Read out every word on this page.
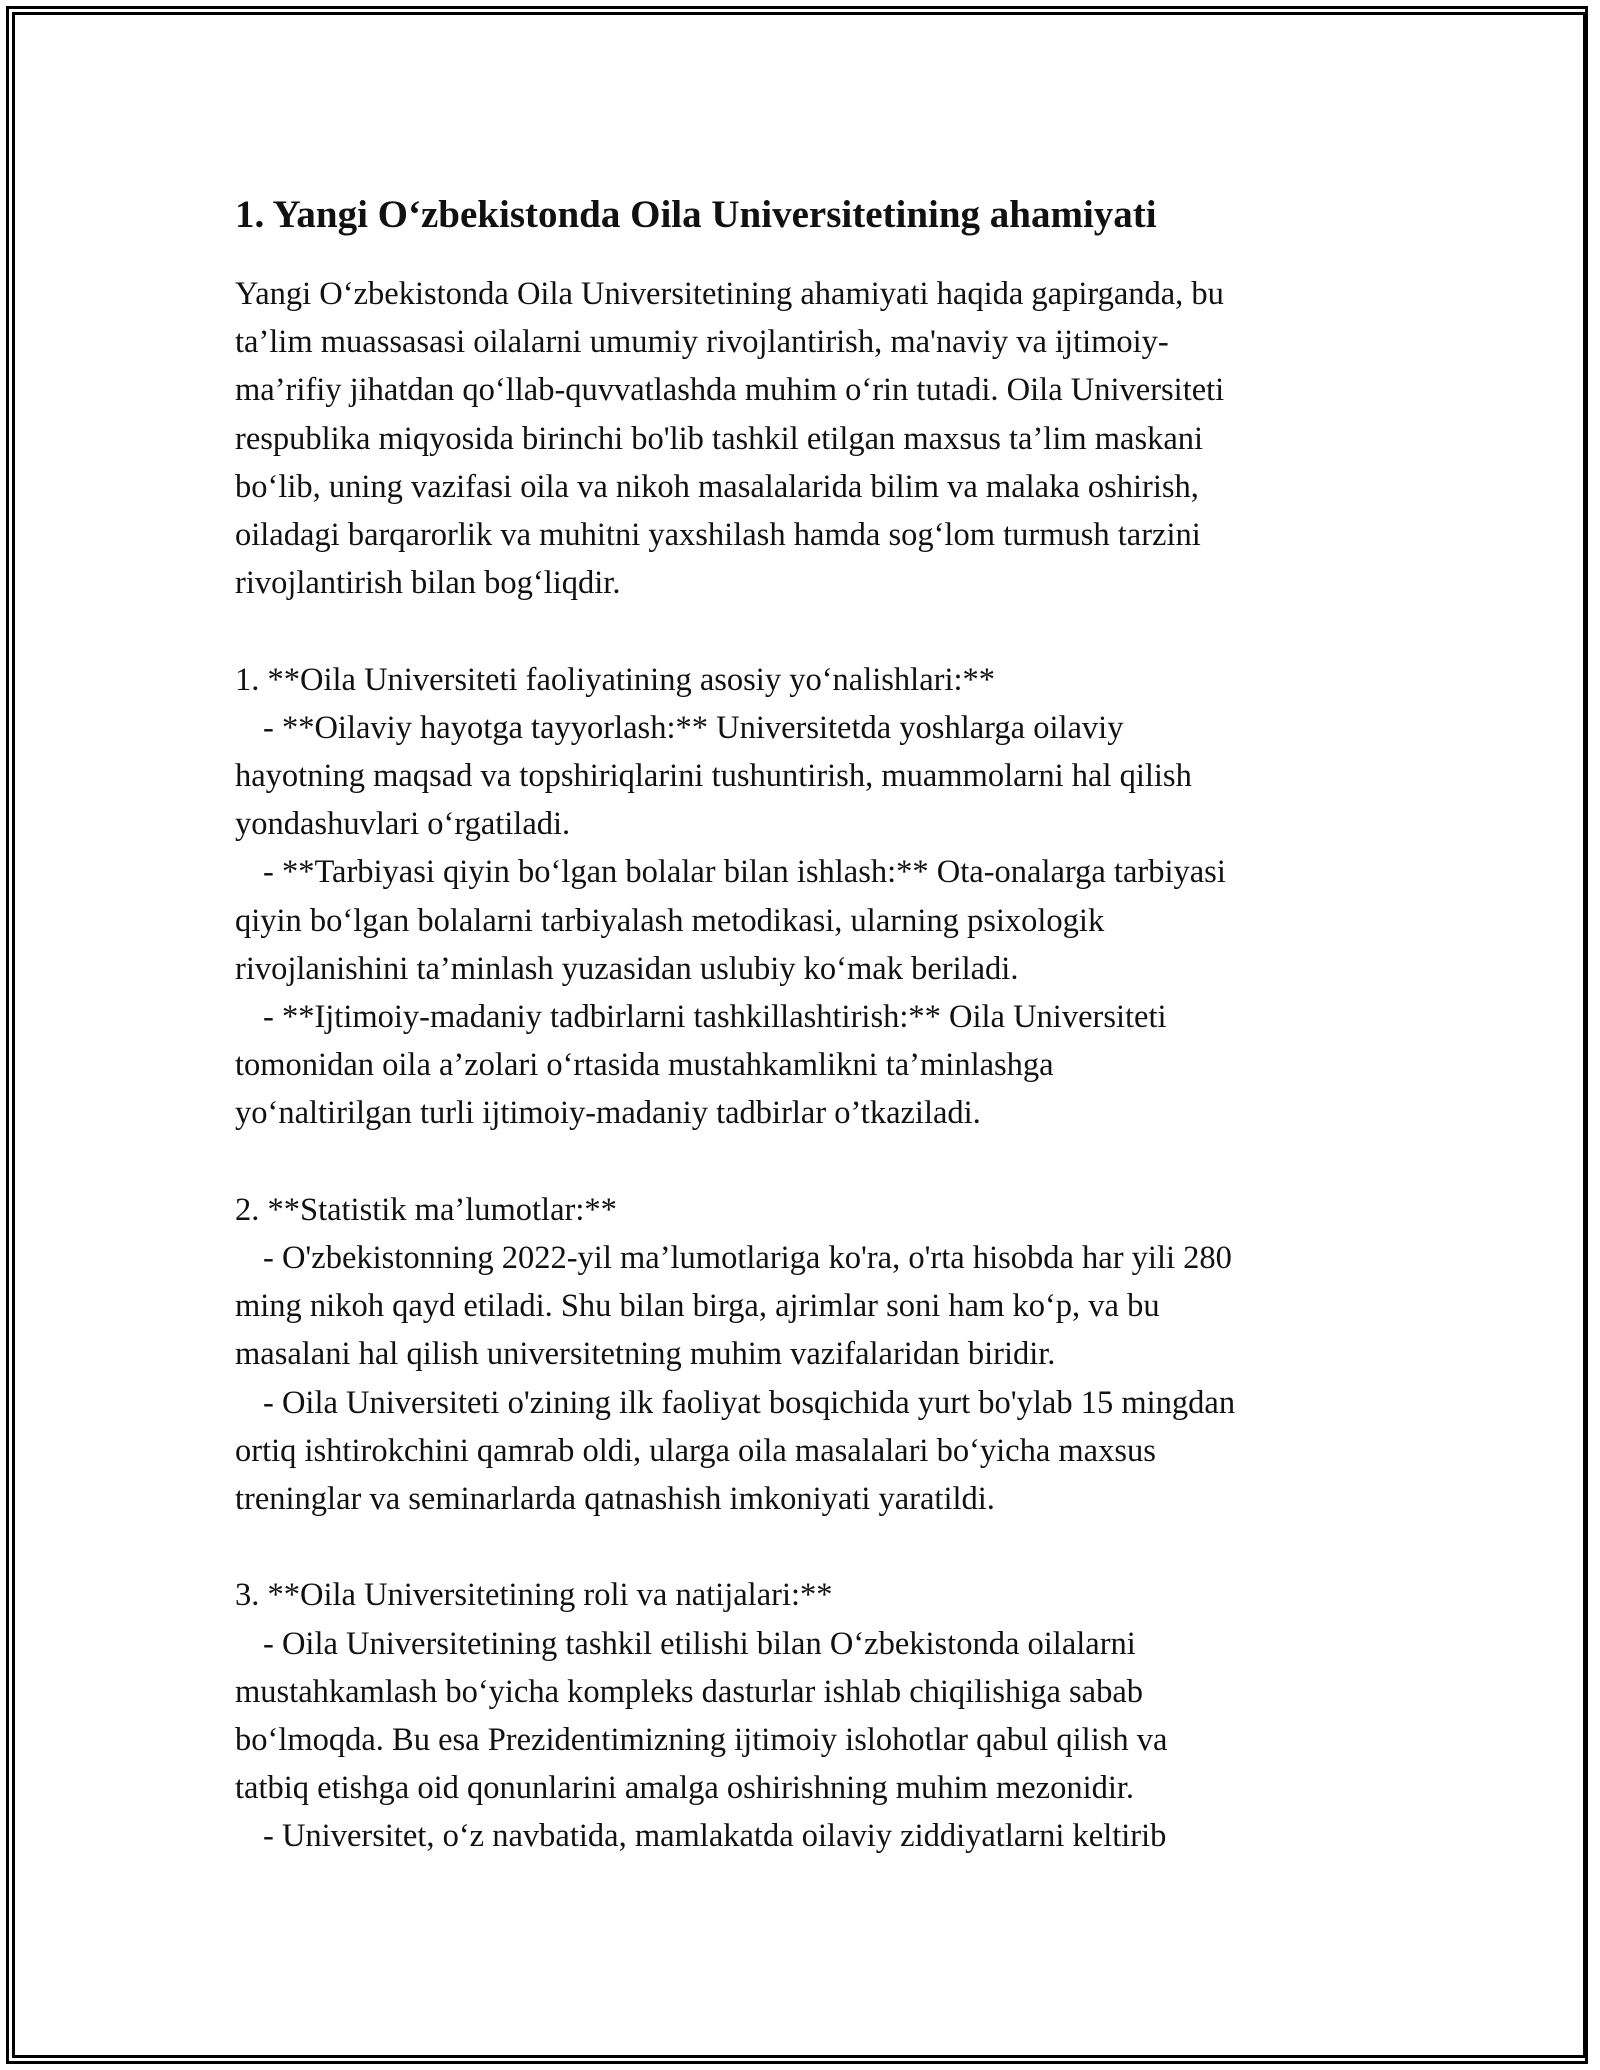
1. Yangi O‘zbekistonda Oila Universitetining ahamiyati
Yangi O‘zbekistonda Oila Universitetining ahamiyati haqida gapirganda, bu
ta’lim muassasasi oilalarni umumiy rivojlantirish, ma'naviy va ijtimoiy-
ma’rifiy jihatdan qo‘llab-quvvatlashda muhim o‘rin tutadi. Oila Universiteti
respublika miqyosida birinchi bo'lib tashkil etilgan maxsus ta’lim maskani
bo‘lib, uning vazifasi oila va nikoh masalalarida bilim va malaka oshirish,
oiladagi barqarorlik va muhitni yaxshilash hamda sog‘lom turmush tarzini
rivojlantirish bilan bog‘liqdir.
1. **Oila Universiteti faoliyatining asosiy yo‘nalishlari:**
- **Oilaviy hayotga tayyorlash:** Universitetda yoshlarga oilaviy
hayotning maqsad va topshiriqlarini tushuntirish, muammolarni hal qilish
yondashuvlari o‘rgatiladi.
- **Tarbiyasi qiyin bo‘lgan bolalar bilan ishlash:** Ota-onalarga tarbiyasi
qiyin bo‘lgan bolalarni tarbiyalash metodikasi, ularning psixologik
rivojlanishini ta’minlash yuzasidan uslubiy ko‘mak beriladi.
- **Ijtimoiy-madaniy tadbirlarni tashkillashtirish:** Oila Universiteti
tomonidan oila a’zolari o‘rtasida mustahkamlikni ta’minlashga
yo‘naltirilgan turli ijtimoiy-madaniy tadbirlar o’tkaziladi.
2. **Statistik ma’lumotlar:**
- O'zbekistonning 2022-yil ma’lumotlariga ko'ra, o'rta hisobda har yili 280
ming nikoh qayd etiladi. Shu bilan birga, ajrimlar soni ham ko‘p, va bu
masalani hal qilish universitetning muhim vazifalaridan biridir.
- Oila Universiteti o'zining ilk faoliyat bosqichida yurt bo'ylab 15 mingdan
ortiq ishtirokchini qamrab oldi, ularga oila masalalari bo‘yicha maxsus
treninglar va seminarlarda qatnashish imkoniyati yaratildi.
3. **Oila Universitetining roli va natijalari:**
- Oila Universitetining tashkil etilishi bilan O‘zbekistonda oilalarni
mustahkamlash bo‘yicha kompleks dasturlar ishlab chiqilishiga sabab
bo‘lmoqda. Bu esa Prezidentimizning ijtimoiy islohotlar qabul qilish va
tatbiq etishga oid qonunlarini amalga oshirishning muhim mezonidir.
- Universitet, o‘z navbatida, mamlakatda oilaviy ziddiyatlarni keltirib
